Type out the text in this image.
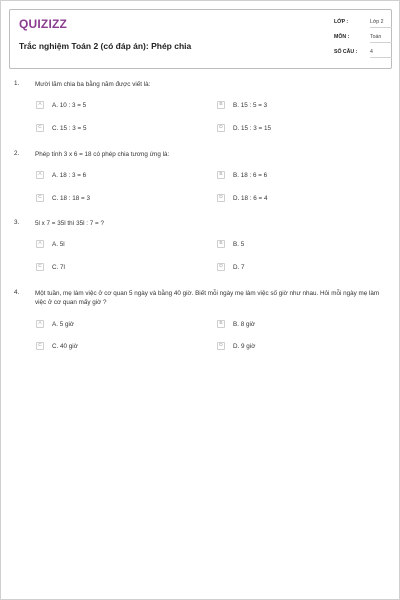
QUIZIZZ
Trắc nghiệm Toán 2 (có đáp án): Phép chia
LỚP :	Lớp 2
MÔN :	Toán
SỐ CÂU : 4
1. Mười lăm chia ba bằng năm được viết là:
A	A. 10 : 3 = 5	B	B. 15 : 5 = 3
C	C. 15 : 3 = 5	D	D. 15 : 3 = 15
2. Phép tính 3 x 6 = 18 có phép chia tương ứng là:
A	A. 18 : 3 = 6	B	B. 18 : 6 = 6
C	C. 18 : 18 = 3	D	D. 18 : 6 = 4
3. 5l x 7 = 35l thì 35l : 7 = ?
A	A. 5l	B	B. 5
C	C. 7l	D	D. 7
4. Một tuần, mẹ làm việc ở cơ quan 5 ngày và bằng 40 giờ. Biết mỗi ngày mẹ làm việc số giờ như nhau. Hỏi mỗi ngày mẹ làm việc ở cơ quan mấy giờ ?
A	A. 5 giờ	B	B. 8 giờ
C	C. 40 giờ	D	D. 9 giờ
